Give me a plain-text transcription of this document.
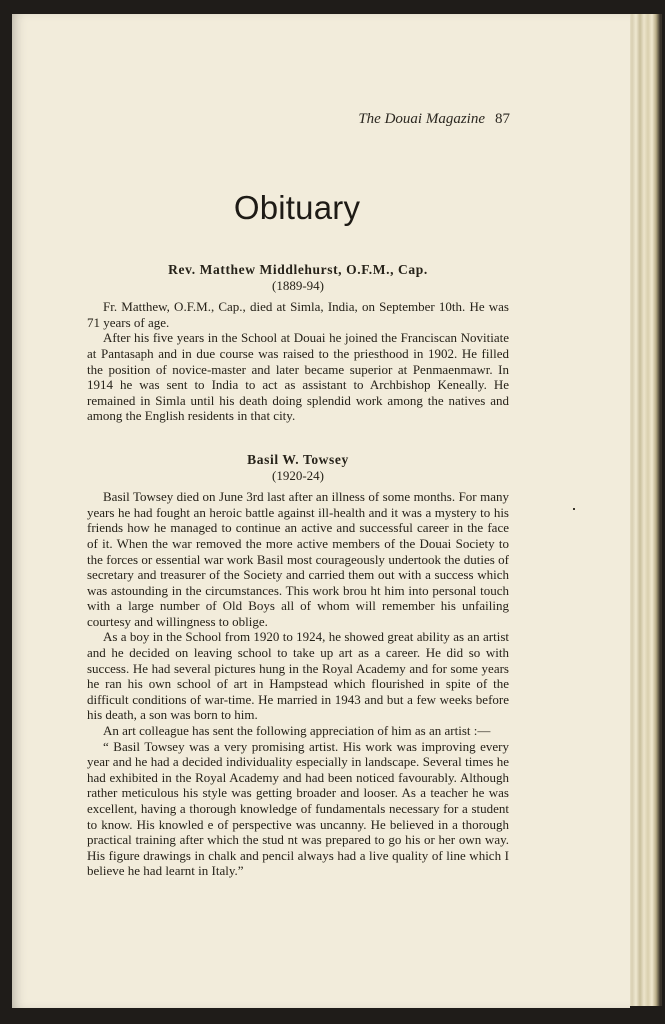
The Douai Magazine 87
Obituary

Rev. Matthew Middlehurst, O.F.M., Cap.

(1889-94)

Fr. Matthew, O.F.M., Cap., died at Simla, India, on September 10th. He was 71 years of age.

After his five years in the School at Douai he joined the Franciscan Novitiate at Pantasaph and in due course was raised to the priesthood in 1902. He filled the position of novice-master and later became superior at Penmaenmawr. In 1914 he was sent to India to act as assistant to Archbishop Keneally. He remained in Simla until his death doing splendid work among the natives and among the English residents in that city.

Basil W. Towsey

(1920-24)

Basil Towsey died on June 3rd last after an illness of some months. For many years he had fought an heroic battle against ill-health and it was a mystery to his friends how he managed to continue an active and successful career in the face of it. When the war removed the more active members of the Douai Society to the forces or essential war work Basil most courageously undertook the duties of secretary and treasurer of the Society and carried them out with a success which was astounding in the circumstances. This work brou ht him into personal touch with a large number of Old Boys all of whom will remember his unfailing courtesy and willingness to oblige.

As a boy in the School from 1920 to 1924, he showed great ability as an artist and he decided on leaving school to take up art as a career. He did so with success. He had several pictures hung in the Royal Academy and for some years he ran his own school of art in Hampstead which flourished in spite of the difficult conditions of war-time. He married in 1943 and but a few weeks before his death, a son was born to him.

An art colleague has sent the following appreciation of him as an artist :—

“ Basil Towsey was a very promising artist. His work was improving every year and he had a decided individuality especially in landscape. Several times he had exhibited in the Royal Academy and had been noticed favourably. Although rather meticulous his style was getting broader and looser. As a teacher he was excellent, having a thorough knowledge of fundamentals necessary for a student to know. His knowled e of perspective was uncanny. He believed in a thorough practical training after which the stud nt was prepared to go his or her own way. His figure drawings in chalk and pencil always had a live quality of line which I believe he had learnt in Italy.”
